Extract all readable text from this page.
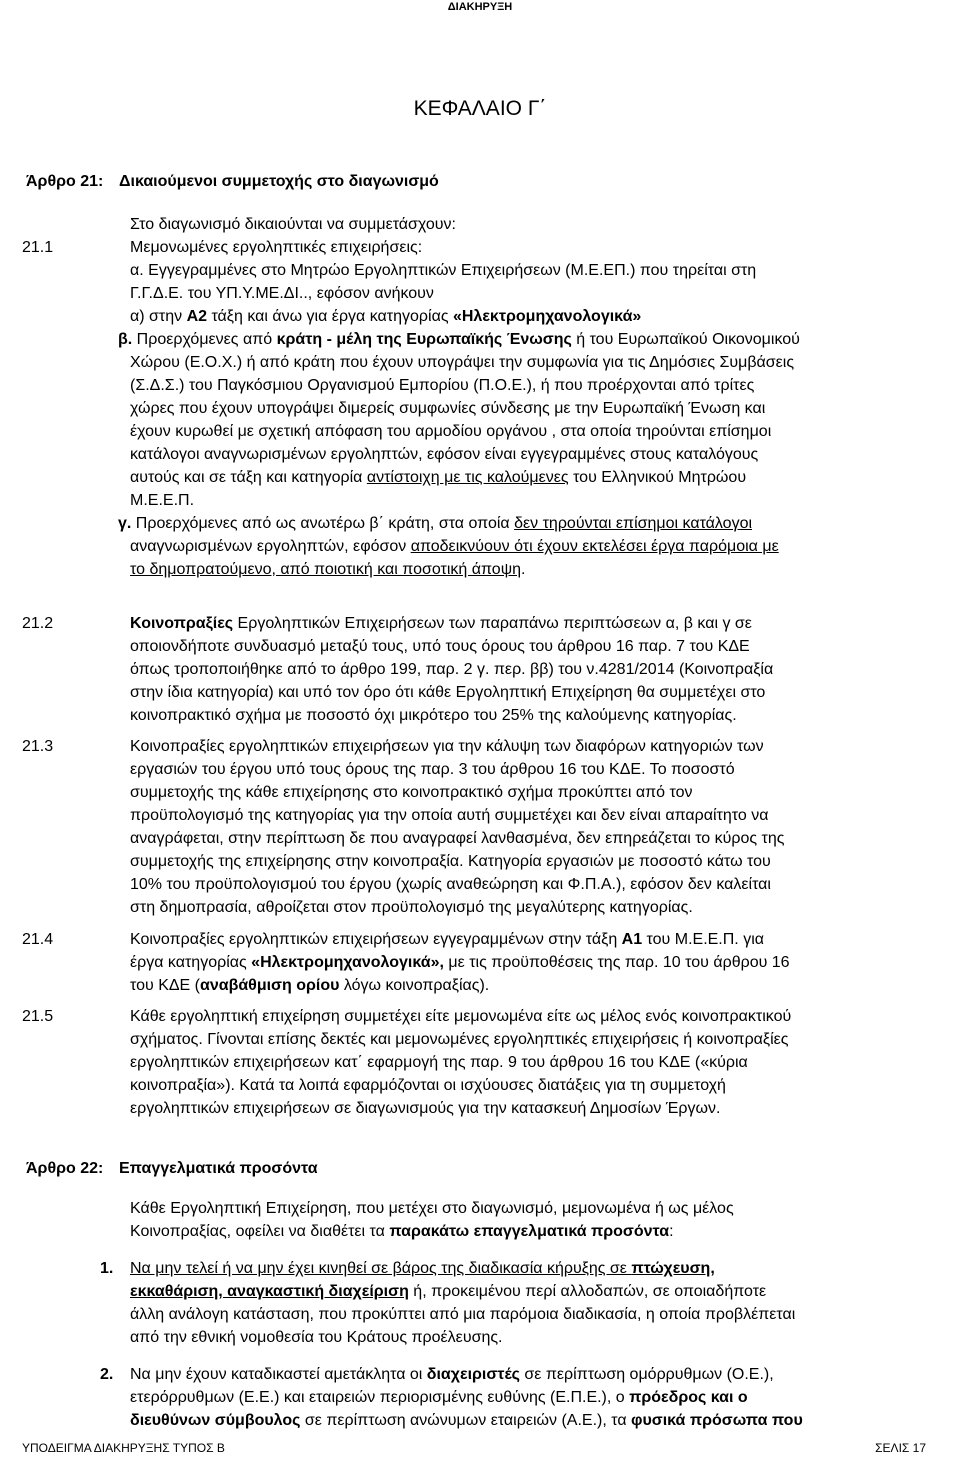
ΔΙΑΚΗΡΥΞΗ
ΚΕΦΑΛΑΙΟ Γ΄
Άρθρο 21: Δικαιούμενοι συμμετοχής στο διαγωνισμό
Στο διαγωνισμό δικαιούνται να συμμετάσχουν:
21.1	Μεμονωμένες εργοληπτικές επιχειρήσεις:
α. Εγγεγραμμένες στο Μητρώο Εργοληπτικών Επιχειρήσεων (Μ.Ε.ΕΠ.) που τηρείται στη
Γ.Γ.Δ.Ε. του ΥΠ.Υ.ΜΕ.ΔΙ.., εφόσον ανήκουν
α) στην Α2 τάξη και άνω για έργα κατηγορίας «Ηλεκτρομηχανολογικά»
β. Προερχόμενες από κράτη - μέλη της Ευρωπαϊκής Ένωσης ή του Ευρωπαϊκού Οικονομικού
Χώρου (Ε.Ο.Χ.) ή από κράτη που έχουν υπογράψει την συμφωνία για τις Δημόσιες Συμβάσεις
(Σ.Δ.Σ.) του Παγκόσμιου Οργανισμού Εμπορίου (Π.Ο.Ε.), ή που προέρχονται από τρίτες
χώρες που έχουν υπογράψει διμερείς συμφωνίες σύνδεσης με την Ευρωπαϊκή Ένωση και
έχουν κυρωθεί με σχετική απόφαση του αρμοδίου οργάνου , στα οποία τηρούνται επίσημοι
κατάλογοι αναγνωρισμένων εργοληπτών, εφόσον είναι εγγεγραμμένες στους καταλόγους
αυτούς και σε τάξη και κατηγορία αντίστοιχη με τις καλούμενες του Ελληνικού Μητρώου
Μ.Ε.Ε.Π.
γ. Προερχόμενες από ως ανωτέρω β΄ κράτη, στα οποία δεν τηρούνται επίσημοι κατάλογοι
αναγνωρισμένων εργοληπτών, εφόσον αποδεικνύουν ότι έχουν εκτελέσει έργα παρόμοια με
το δημοπρατούμενο, από ποιοτική και ποσοτική άποψη.
21.2	Κοινοπραξίες Εργοληπτικών Επιχειρήσεων των παραπάνω περιπτώσεων α, β και γ σε
οποιονδήποτε συνδυασμό μεταξύ τους, υπό τους όρους του άρθρου 16 παρ. 7 του ΚΔΕ
όπως τροποποιήθηκε από το άρθρο 199, παρ. 2 γ. περ. ββ) του ν.4281/2014 (Κοινοπραξία
στην ίδια κατηγορία) και υπό τον όρο ότι κάθε Εργοληπτική Επιχείρηση θα συμμετέχει στο
κοινοπρακτικό σχήμα με ποσοστό όχι μικρότερο του 25% της καλούμενης κατηγορίας.
21.3	Κοινοπραξίες εργοληπτικών επιχειρήσεων για την κάλυψη των διαφόρων κατηγοριών των
εργασιών του έργου υπό τους όρους της παρ. 3 του άρθρου 16 του ΚΔΕ. Το ποσοστό
συμμετοχής της κάθε επιχείρησης στο κοινοπρακτικό σχήμα προκύπτει από τον
προϋπολογισμό της κατηγορίας για την οποία αυτή συμμετέχει και δεν είναι απαραίτητο να
αναγράφεται, στην περίπτωση δε που αναγραφεί λανθασμένα, δεν επηρεάζεται το κύρος της
συμμετοχής της επιχείρησης στην κοινοπραξία. Κατηγορία εργασιών με ποσοστό κάτω του
10% του προϋπολογισμού του έργου (χωρίς αναθεώρηση και Φ.Π.Α.), εφόσον δεν καλείται
στη δημοπρασία, αθροίζεται στον προϋπολογισμό της μεγαλύτερης κατηγορίας.
21.4	Κοινοπραξίες εργοληπτικών επιχειρήσεων εγγεγραμμένων στην τάξη Α1 του Μ.Ε.Ε.Π. για
έργα κατηγορίας «Ηλεκτρομηχανολογικά», με τις προϋποθέσεις της παρ. 10 του άρθρου 16
του ΚΔΕ (αναβάθμιση ορίου λόγω κοινοπραξίας).
21.5	Κάθε εργοληπτική επιχείρηση συμμετέχει είτε μεμονωμένα είτε ως μέλος ενός κοινοπρακτικού
σχήματος. Γίνονται επίσης δεκτές και μεμονωμένες εργοληπτικές επιχειρήσεις ή κοινοπραξίες
εργοληπτικών επιχειρήσεων κατ΄ εφαρμογή της παρ. 9 του άρθρου 16 του ΚΔΕ («κύρια
κοινοπραξία»). Κατά τα λοιπά εφαρμόζονται οι ισχύουσες διατάξεις για τη συμμετοχή
εργοληπτικών επιχειρήσεων σε διαγωνισμούς για την κατασκευή Δημοσίων Έργων.
Άρθρο 22: Επαγγελματικά προσόντα
Κάθε Εργοληπτική Επιχείρηση, που μετέχει στο διαγωνισμό, μεμονωμένα ή ως μέλος
Κοινοπραξίας, οφείλει να διαθέτει τα παρακάτω επαγγελματικά προσόντα:
1. Να μην τελεί ή να μην έχει κινηθεί σε βάρος της διαδικασία κήρυξης σε πτώχευση,
εκκαθάριση, αναγκαστική διαχείριση ή, προκειμένου περί αλλοδαπών, σε οποιαδήποτε
άλλη ανάλογη κατάσταση, που προκύπτει από μια παρόμοια διαδικασία, η οποία προβλέπεται
από την εθνική νομοθεσία του Κράτους προέλευσης.
2. Να μην έχουν καταδικαστεί αμετάκλητα οι διαχειριστές σε περίπτωση ομόρρυθμων (Ο.Ε.),
ετερόρρυθμων (Ε.Ε.) και εταιρειών περιορισμένης ευθύνης (Ε.Π.Ε.), ο πρόεδρος και ο
διευθύνων σύμβουλος σε περίπτωση ανώνυμων εταιρειών (Α.Ε.), τα φυσικά πρόσωπα που
ΥΠΟΔΕΙΓΜΑ ΔΙΑΚΗΡΥΞΗΣ ΤΥΠΟΣ Β	ΣΕΛΙΣ 17
